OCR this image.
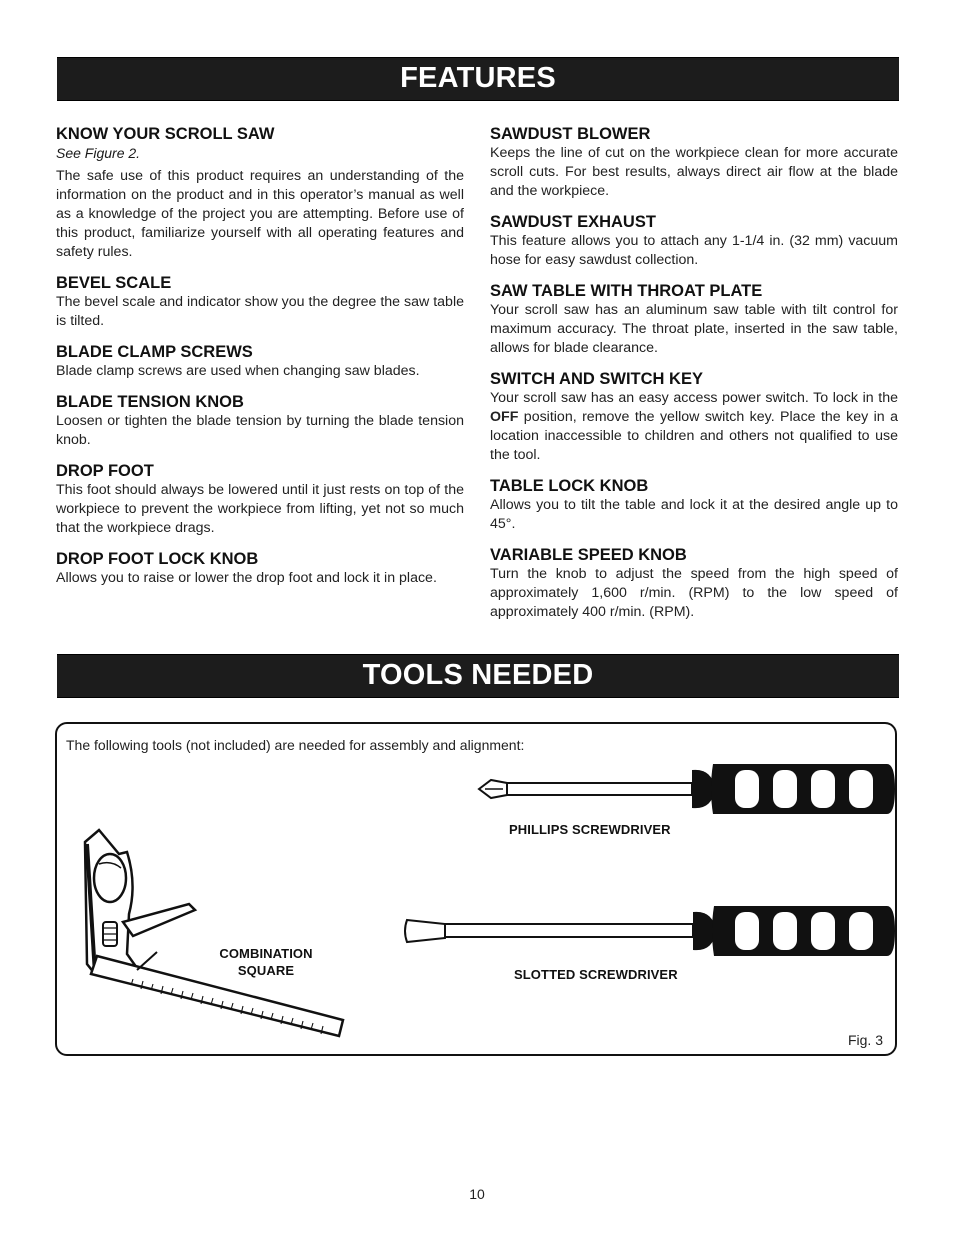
FEATURES
KNOW YOUR SCROLL SAW
See Figure 2.

The safe use of this product requires an understanding of the information on the product and in this operator’s manual as well as a knowledge of the project you are attempting. Before use of this product, familiarize yourself with all operating features and safety rules.

BEVEL SCALE

The bevel scale and indicator show you the degree the saw table is tilted.

BLADE CLAMP SCREWS

Blade clamp screws are used when changing saw blades.

BLADE TENSION KNOB

Loosen or tighten the blade tension by turning the blade tension knob.

DROP FOOT

This foot should always be lowered until it just rests on top of the workpiece to prevent the workpiece from lifting, yet not so much that the workpiece drags.

DROP FOOT LOCK KNOB

Allows you to raise or lower the drop foot and lock it in place.

SAWDUST BLOWER

Keeps the line of cut on the workpiece clean for more accurate scroll cuts. For best results, always direct air flow at the blade and the workpiece.

SAWDUST EXHAUST

This feature allows you to attach any 1-1/4 in. (32 mm) vacuum hose for easy sawdust collection.

SAW TABLE WITH THROAT PLATE

Your scroll saw has an aluminum saw table with tilt control for maximum accuracy. The throat plate, inserted in the saw table, allows for blade clearance.

SWITCH AND SWITCH KEY

Your scroll saw has an easy access power switch. To lock in the OFF position, remove the yellow switch key. Place the key in a location inaccessible to children and others not qualified to use the tool.

TABLE LOCK KNOB

Allows you to tilt the table and lock it at the desired angle up to 45°.

VARIABLE SPEED KNOB

Turn the knob to adjust the speed from the high speed of approximately 1,600 r/min. (RPM) to the low speed of approximately 400 r/min. (RPM).

TOOLS NEEDED
The following tools (not included) are needed for assembly and alignment:
PHILLIPS SCREWDRIVER
SLOTTED SCREWDRIVER
COMBINATION
SQUARE
Fig. 3
10
